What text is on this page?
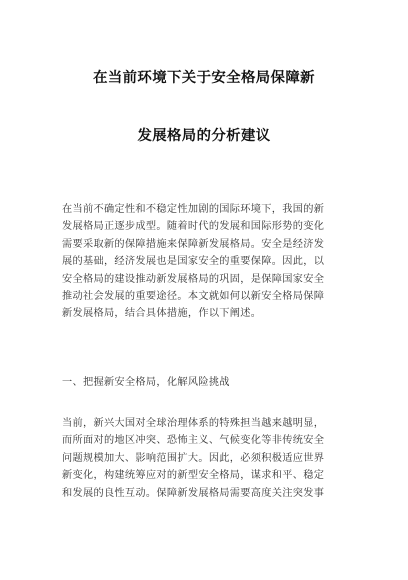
在当前环境下关于安全格局保障新
发展格局的分析建议

在当前不确定性和不稳定性加剧的国际环境下，我国的新
发展格局正逐步成型。随着时代的发展和国际形势的变化
需要采取新的保障措施来保障新发展格局。安全是经济发
展的基础，经济发展也是国家安全的重要保障。因此，以
安全格局的建设推动新发展格局的巩固，是保障国家安全
推动社会发展的重要途径。本文就如何以新安全格局保障
新发展格局，结合具体措施，作以下阐述。

一、把握新安全格局，化解风险挑战

当前，新兴大国对全球治理体系的特殊担当越来越明显，
而所面对的地区冲突、恐怖主义、气候变化等非传统安全
问题规模加大、影响范围扩大。因此，必须积极适应世界
新变化，构建统筹应对的新型安全格局，谋求和平、稳定
和发展的良性互动。保障新发展格局需要高度关注突发事
